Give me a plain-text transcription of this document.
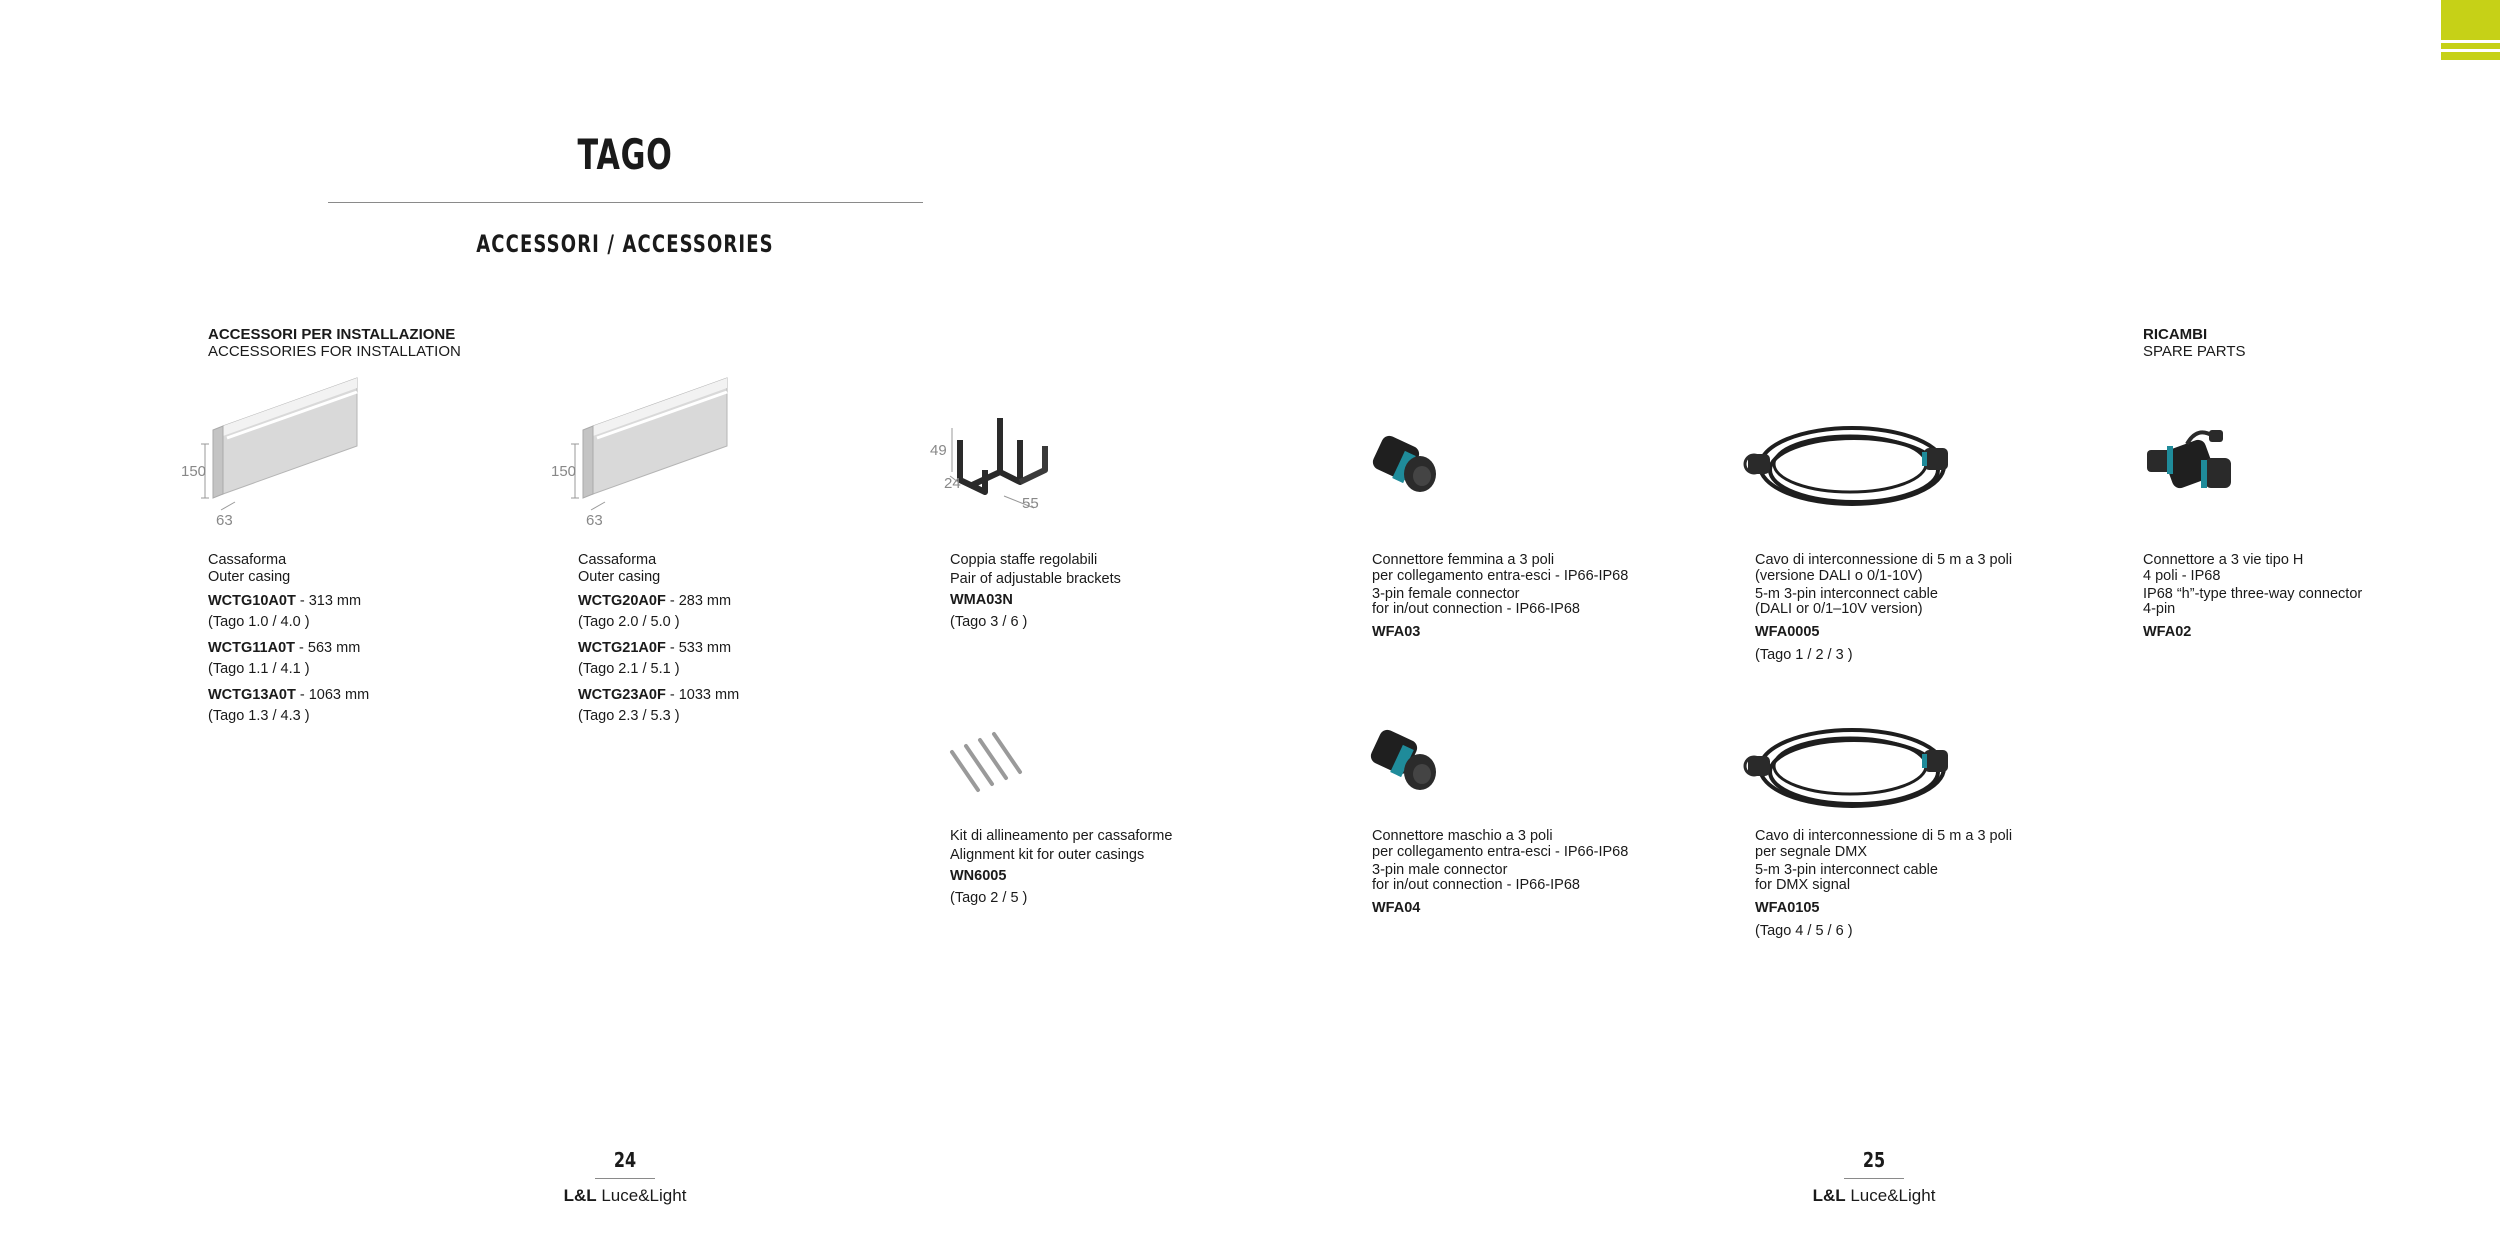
TAGO
ACCESSORI / ACCESSORIES
ACCESSORI PER INSTALLAZIONE
ACCESSORIES FOR INSTALLATION
RICAMBI
SPARE PARTS
150
63
150
63
49
24
55
Cassaforma
Outer casing
WCTG10A0T - 313 mm
(Tago 1.0 / 4.0 )
WCTG11A0T - 563 mm
(Tago 1.1 / 4.1 )
WCTG13A0T - 1063 mm
(Tago 1.3 / 4.3 )
Cassaforma
Outer casing
WCTG20A0F - 283 mm
(Tago 2.0 / 5.0 )
WCTG21A0F - 533 mm
(Tago 2.1 / 5.1 )
WCTG23A0F - 1033 mm
(Tago 2.3 / 5.3 )
Coppia staffe regolabili
Pair of adjustable brackets
WMA03N
(Tago 3 / 6 )
Kit di allineamento per cassaforme
Alignment kit for outer casings
WN6005
(Tago 2 / 5 )
Connettore femmina a 3 poli
per collegamento entra-esci - IP66-IP68
3-pin female connector
for in/out connection - IP66-IP68
WFA03
Connettore maschio a 3 poli
per collegamento entra-esci - IP66-IP68
3-pin male connector
for in/out connection - IP66-IP68
WFA04
Cavo di interconnessione di 5 m a 3 poli
(versione DALI o 0/1-10V)
5-m 3-pin interconnect cable
(DALI or 0/1–10V version)
WFA0005
(Tago 1 / 2 / 3 )
Cavo di interconnessione di 5 m a 3 poli
per segnale DMX
5-m 3-pin interconnect cable
for DMX signal
WFA0105
(Tago 4 / 5 / 6 )
Connettore a 3 vie tipo H
4 poli - IP68
IP68 “h”-type three-way connector
4-pin
WFA02
24
L&L Luce&Light
25
L&L Luce&Light
